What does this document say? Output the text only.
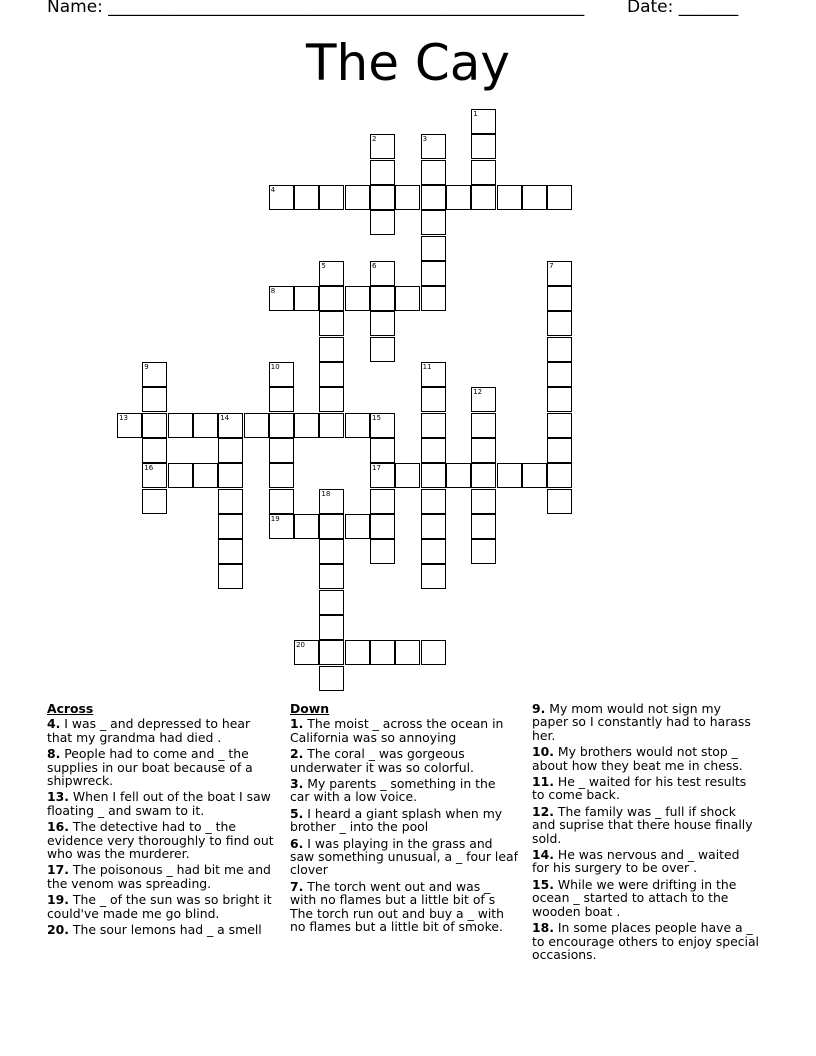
Name: ________________________________________________________	Date: _______
The Cay
1
2	3
4
5	6	7
8
9
16
10
19
11
12
13	14	15
17
18
20
Across
4. I was _ and depressed to hear that my grandma had died .
8. People had to come and _ the supplies in our boat because of a shipwreck.
13. When I fell out of the boat I saw floating _ and swam to it.
16. The detective had to _ the evidence very thoroughly to find out who was the murderer.
17. The poisonous _ had bit me and the venom was spreading.
19. The _ of the sun was so bright it could've made me go blind.
20. The sour lemons had _ a smell
Down
1. The moist _ across the ocean in California was so annoying
2. The coral _ was gorgeous underwater it was so colorful.
3. My parents _ something in the car with a low voice.
5. I heard a giant splash when my brother _ into the pool
6. I was playing in the grass and saw something unusual, a _ four leaf clover
7. The torch went out and was _ with no flames but a little bit of s The torch run out and buy a _ with no flames but a little bit of smoke.
9. My mom would not sign my paper so I constantly had to harass her.
10. My brothers would not stop _ about how they beat me in chess.
11. He _ waited for his test results to come back.
12. The family was _ full if shock and suprise that there house finally sold.
14. He was nervous and _ waited for his surgery to be over .
15. While we were drifting in the ocean _ started to attach to the wooden boat .
18. In some places people have a _ to encourage others to enjoy special occasions.
